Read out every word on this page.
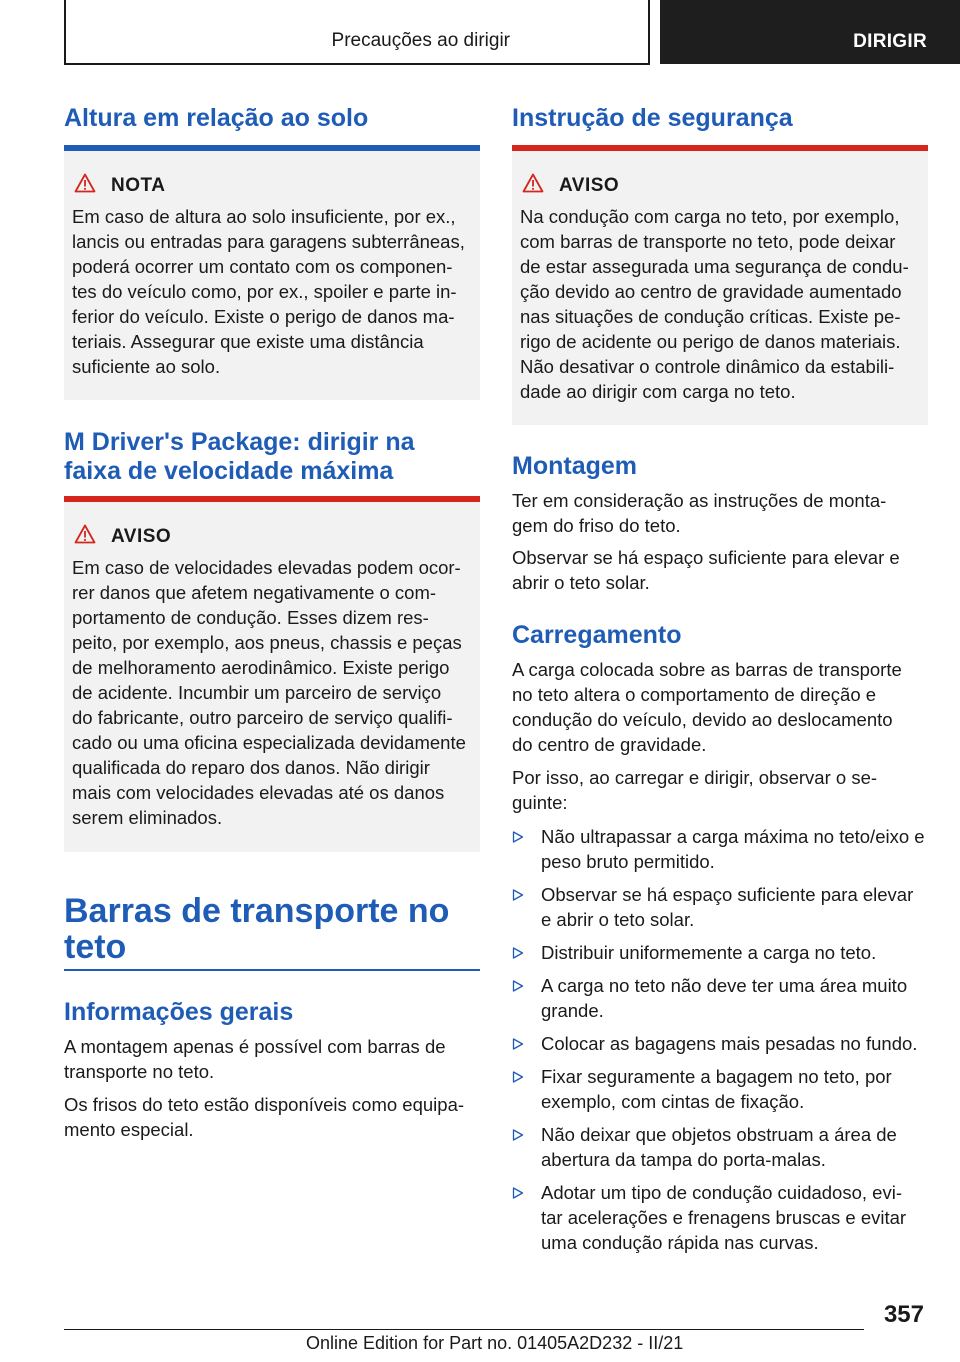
Precauções ao dirigir	DIRIGIR
Altura em relação ao solo
NOTA
Em caso de altura ao solo insuficiente, por ex.,
lancis ou entradas para garagens subterrâneas,
poderá ocorrer um contato com os componen‐
tes do veículo como, por ex., spoiler e parte in‐
ferior do veículo. Existe o perigo de danos ma‐
teriais. Assegurar que existe uma distância
suficiente ao solo.
M Driver's Package: dirigir na
faixa de velocidade máxima
AVISO
Em caso de velocidades elevadas podem ocor‐
rer danos que afetem negativamente o com‐
portamento de condução. Esses dizem res‐
peito, por exemplo, aos pneus, chassis e peças
de melhoramento aerodinâmico. Existe perigo
de acidente. Incumbir um parceiro de serviço
do fabricante, outro parceiro de serviço qualifi‐
cado ou uma oficina especializada devidamente
qualificada do reparo dos danos. Não dirigir
mais com velocidades elevadas até os danos
serem eliminados.
Barras de transporte no
teto
Informações gerais
A montagem apenas é possível com barras de
transporte no teto.
Os frisos do teto estão disponíveis como equipa‐
mento especial.
Instrução de segurança
AVISO
Na condução com carga no teto, por exemplo,
com barras de transporte no teto, pode deixar
de estar assegurada uma segurança de condu‐
ção devido ao centro de gravidade aumentado
nas situações de condução críticas. Existe pe‐
rigo de acidente ou perigo de danos materiais.
Não desativar o controle dinâmico da estabili‐
dade ao dirigir com carga no teto.
Montagem
Ter em consideração as instruções de monta‐
gem do friso do teto.
Observar se há espaço suficiente para elevar e
abrir o teto solar.
Carregamento
A carga colocada sobre as barras de transporte
no teto altera o comportamento de direção e
condução do veículo, devido ao deslocamento
do centro de gravidade.
Por isso, ao carregar e dirigir, observar o se‐
guinte:
Não ultrapassar a carga máxima no teto/eixo e
peso bruto permitido.
Observar se há espaço suficiente para elevar
e abrir o teto solar.
Distribuir uniformemente a carga no teto.
A carga no teto não deve ter uma área muito
grande.
Colocar as bagagens mais pesadas no fundo.
Fixar seguramente a bagagem no teto, por
exemplo, com cintas de fixação.
Não deixar que objetos obstruam a área de
abertura da tampa do porta-malas.
Adotar um tipo de condução cuidadoso, evi‐
tar acelerações e frenagens bruscas e evitar
uma condução rápida nas curvas.
357
Online Edition for Part no. 01405A2D232 - II/21
